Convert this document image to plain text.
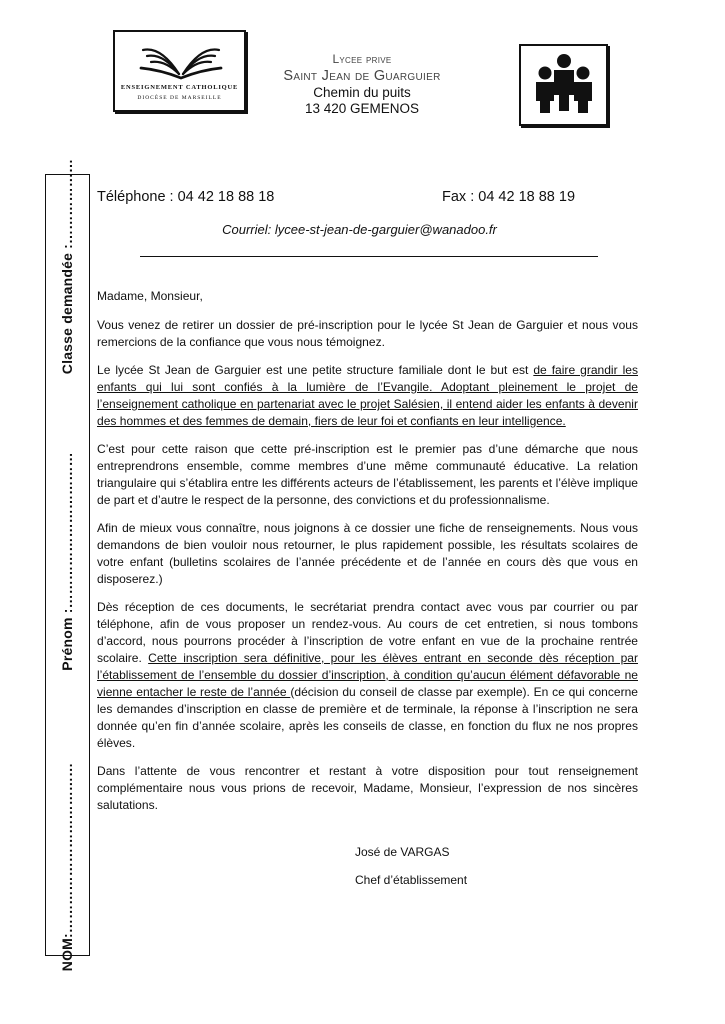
ENSEIGNEMENT CATHOLIQUE
DIOCÈSE DE MARSEILLE
Lycee prive
Saint Jean de Guarguier
Chemin du puits
13 420 GEMENOS
NOM:………………………………Prénom :……………………………Classe demandée :……………… Téléphone : 04 42 18 88 18	Fax : 04 42 18 88 19
Courriel: lycee-st-jean-de-garguier@wanadoo.fr

Madame, Monsieur,

Vous venez de retirer un dossier de pré-inscription pour le lycée St Jean de Garguier et nous vous remercions de la confiance que vous nous témoignez.

Le lycée St Jean de Garguier est une petite structure familiale dont le but est de faire grandir les enfants qui lui sont confiés à la lumière de l’Evangile. Adoptant pleinement le projet de l’enseignement catholique en partenariat avec le projet Salésien, il entend aider les enfants à devenir des hommes et des femmes de demain, fiers de leur foi et confiants en leur intelligence.

C’est pour cette raison que cette pré-inscription est le premier pas d’une démarche que nous entreprendrons ensemble, comme membres d’une même communauté éducative. La relation triangulaire qui s’établira entre les différents acteurs de l’établissement, les parents et l’élève implique de part et d’autre le respect de la personne, des convictions et du professionnalisme.

Afin de mieux vous connaître, nous joignons à ce dossier une fiche de renseignements. Nous vous demandons de bien vouloir nous retourner, le plus rapidement possible, les résultats scolaires de votre enfant (bulletins scolaires de l’année précédente et de l’année en cours dès que vous en disposerez.)

Dès réception de ces documents, le secrétariat prendra contact avec vous par courrier ou par téléphone, afin de vous proposer un rendez-vous. Au cours de cet entretien, si nous tombons d’accord, nous pourrons procéder à l’inscription de votre enfant en vue de la prochaine rentrée scolaire. Cette inscription sera définitive, pour les élèves entrant en seconde dès réception par l’établissement de l’ensemble du dossier d’inscription, à condition qu’aucun élément défavorable ne vienne entacher le reste de l’année (décision du conseil de classe par exemple). En ce qui concerne les demandes d’inscription en classe de première et de terminale, la réponse à l’inscription ne sera donnée qu’en fin d’année scolaire, après les conseils de classe, en fonction du flux ne nos propres élèves.

Dans l’attente de vous rencontrer et restant à votre disposition pour tout renseignement complémentaire nous vous prions de recevoir, Madame, Monsieur, l’expression de nos sincères salutations.

José de VARGAS
Chef d’établissement
